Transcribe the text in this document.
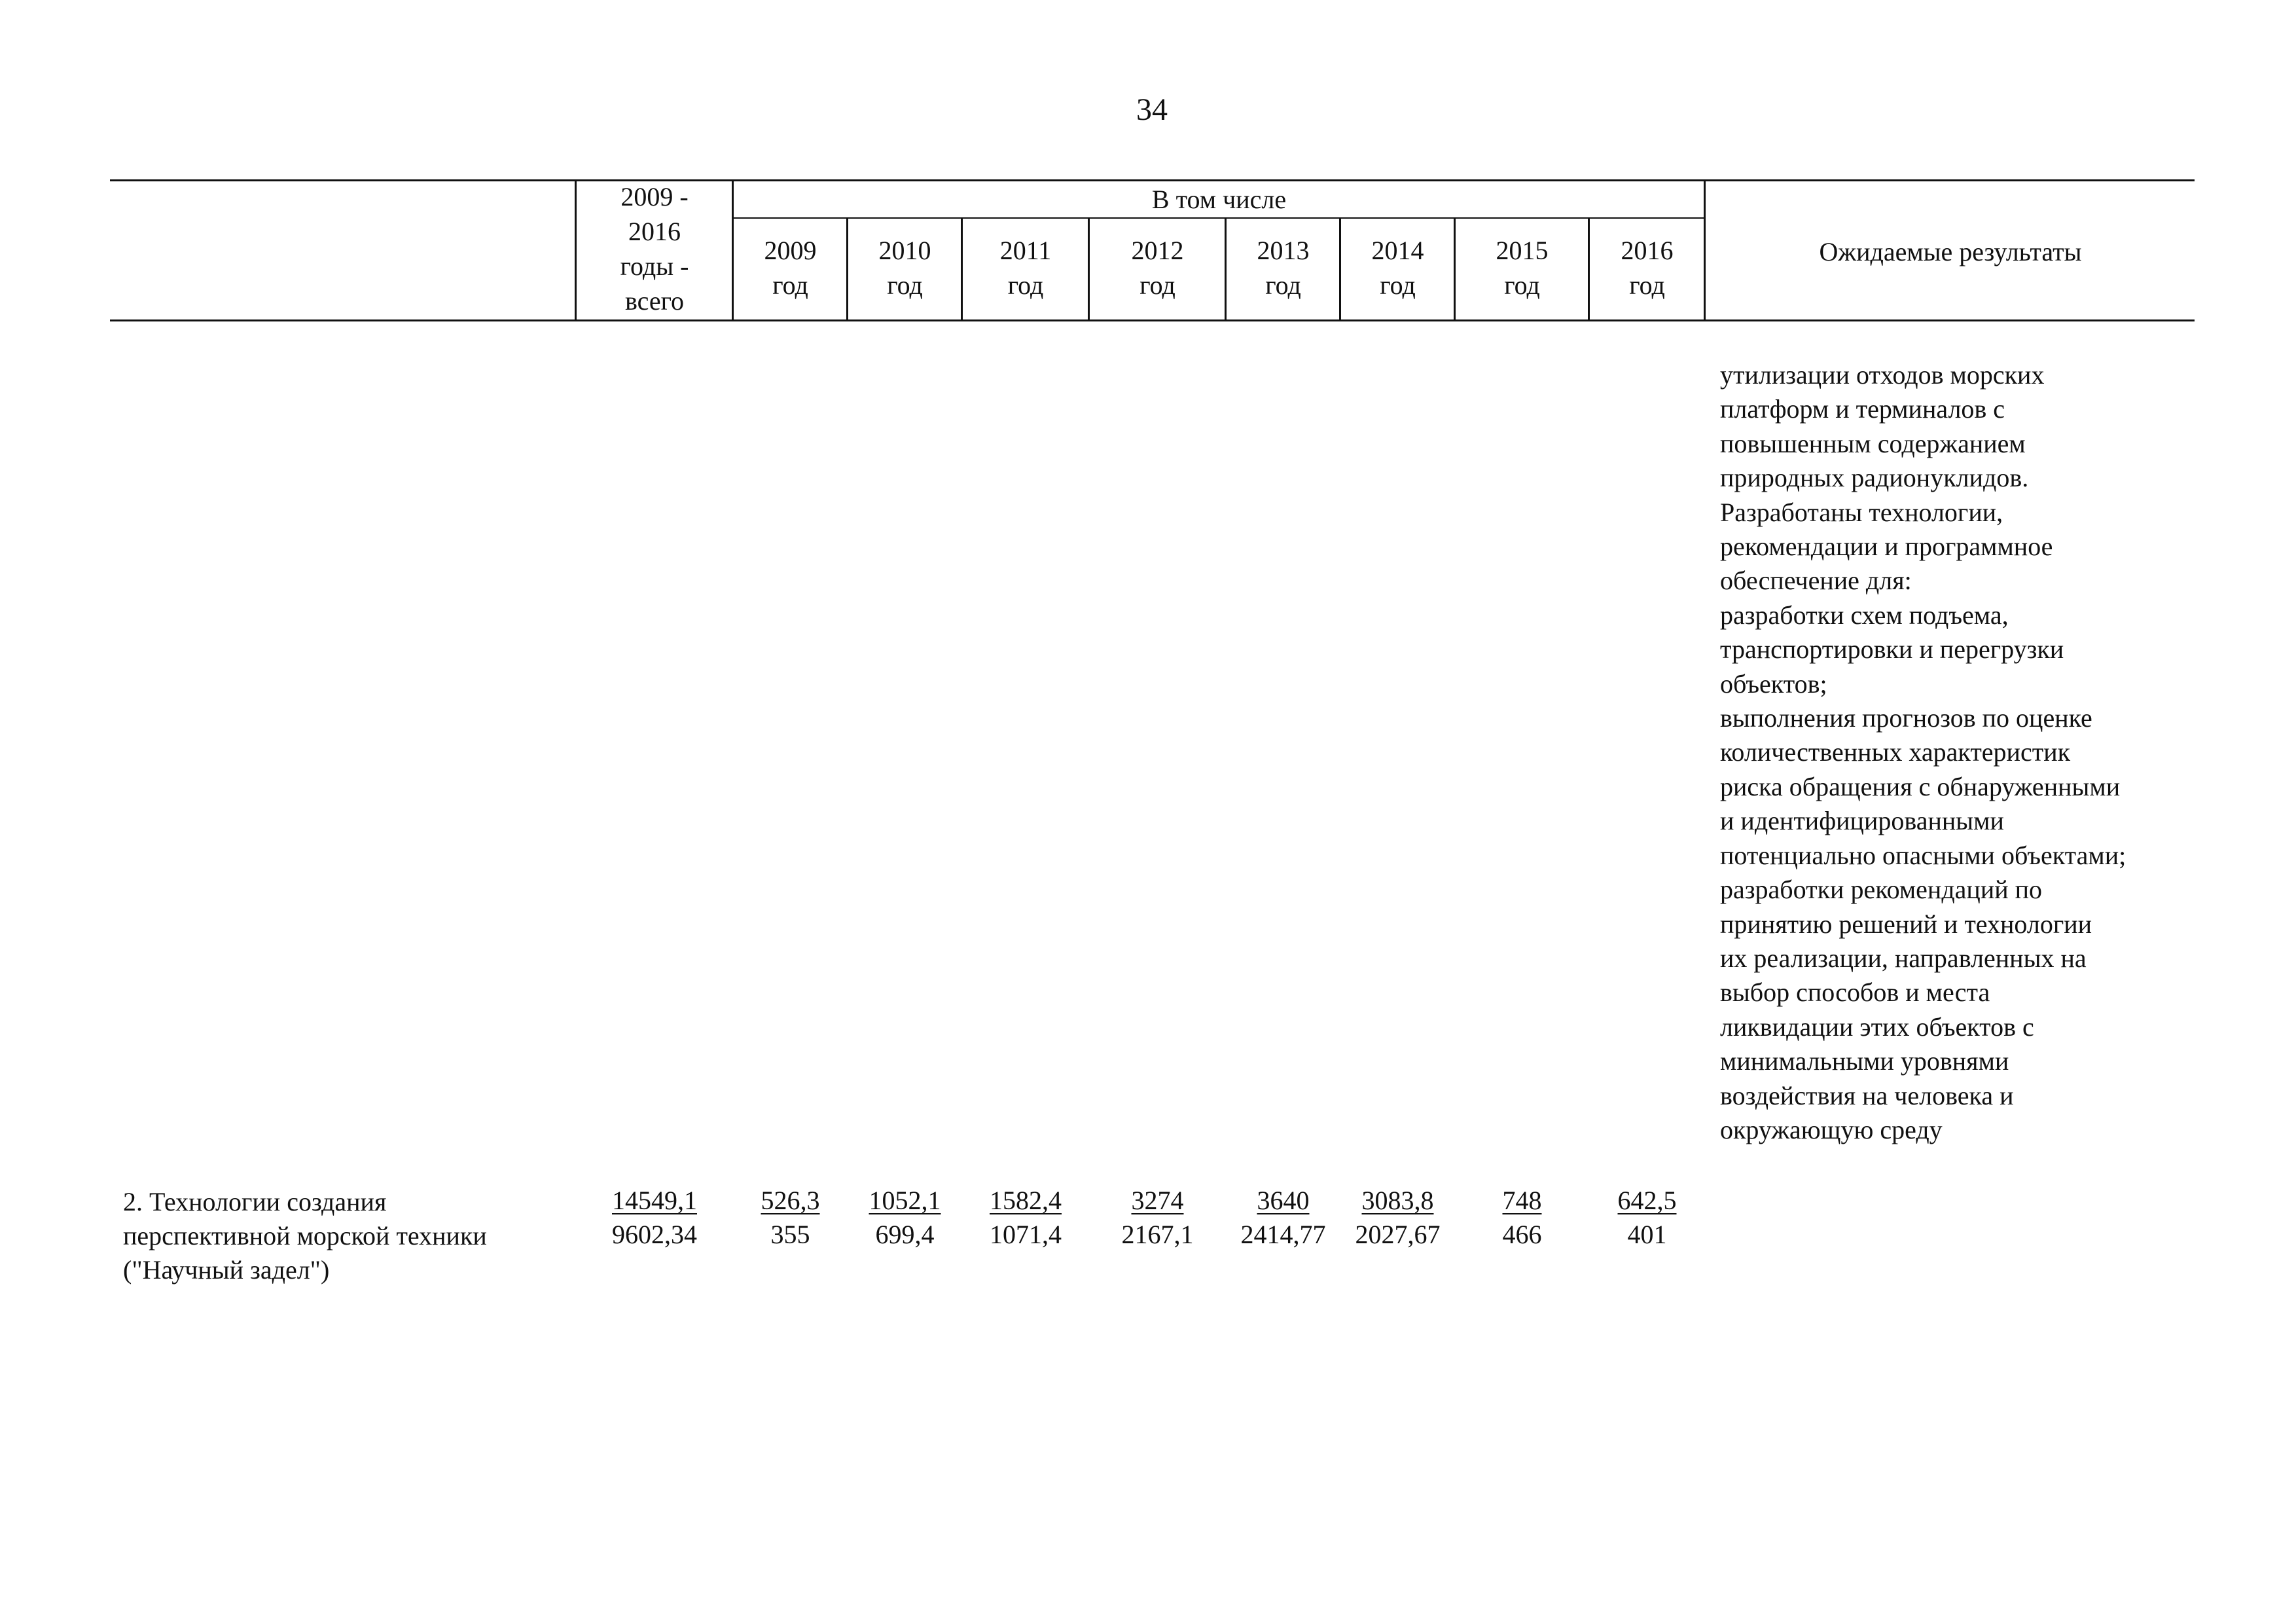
34
2009 -
2016
годы -
всего
В том числе
2009
год
2010
год
2011
год
2012
год
2013
год
2014
год
2015
год
2016
год
Ожидаемые результаты
утилизации отходов морских
платформ и терминалов с
повышенным содержанием
природных радионуклидов.
Разработаны технологии,
рекомендации и программное
обеспечение для:
разработки схем подъема,
транспортировки и перегрузки
объектов;
выполнения прогнозов по оценке
количественных характеристик
риска обращения с обнаруженными
и идентифицированными
потенциально опасными объектами;
разработки рекомендаций по
принятию решений и технологии
их реализации, направленных на
выбор способов и места
ликвидации этих объектов с
минимальными уровнями
воздействия на человека и
окружающую среду
2. Технологии создания
перспективной морской техники
("Научный задел")
14549,1
9602,34
526,3
355
1052,1
699,4
1582,4
1071,4
3274
2167,1
3640
2414,77
3083,8
2027,67
748
466
642,5
401
